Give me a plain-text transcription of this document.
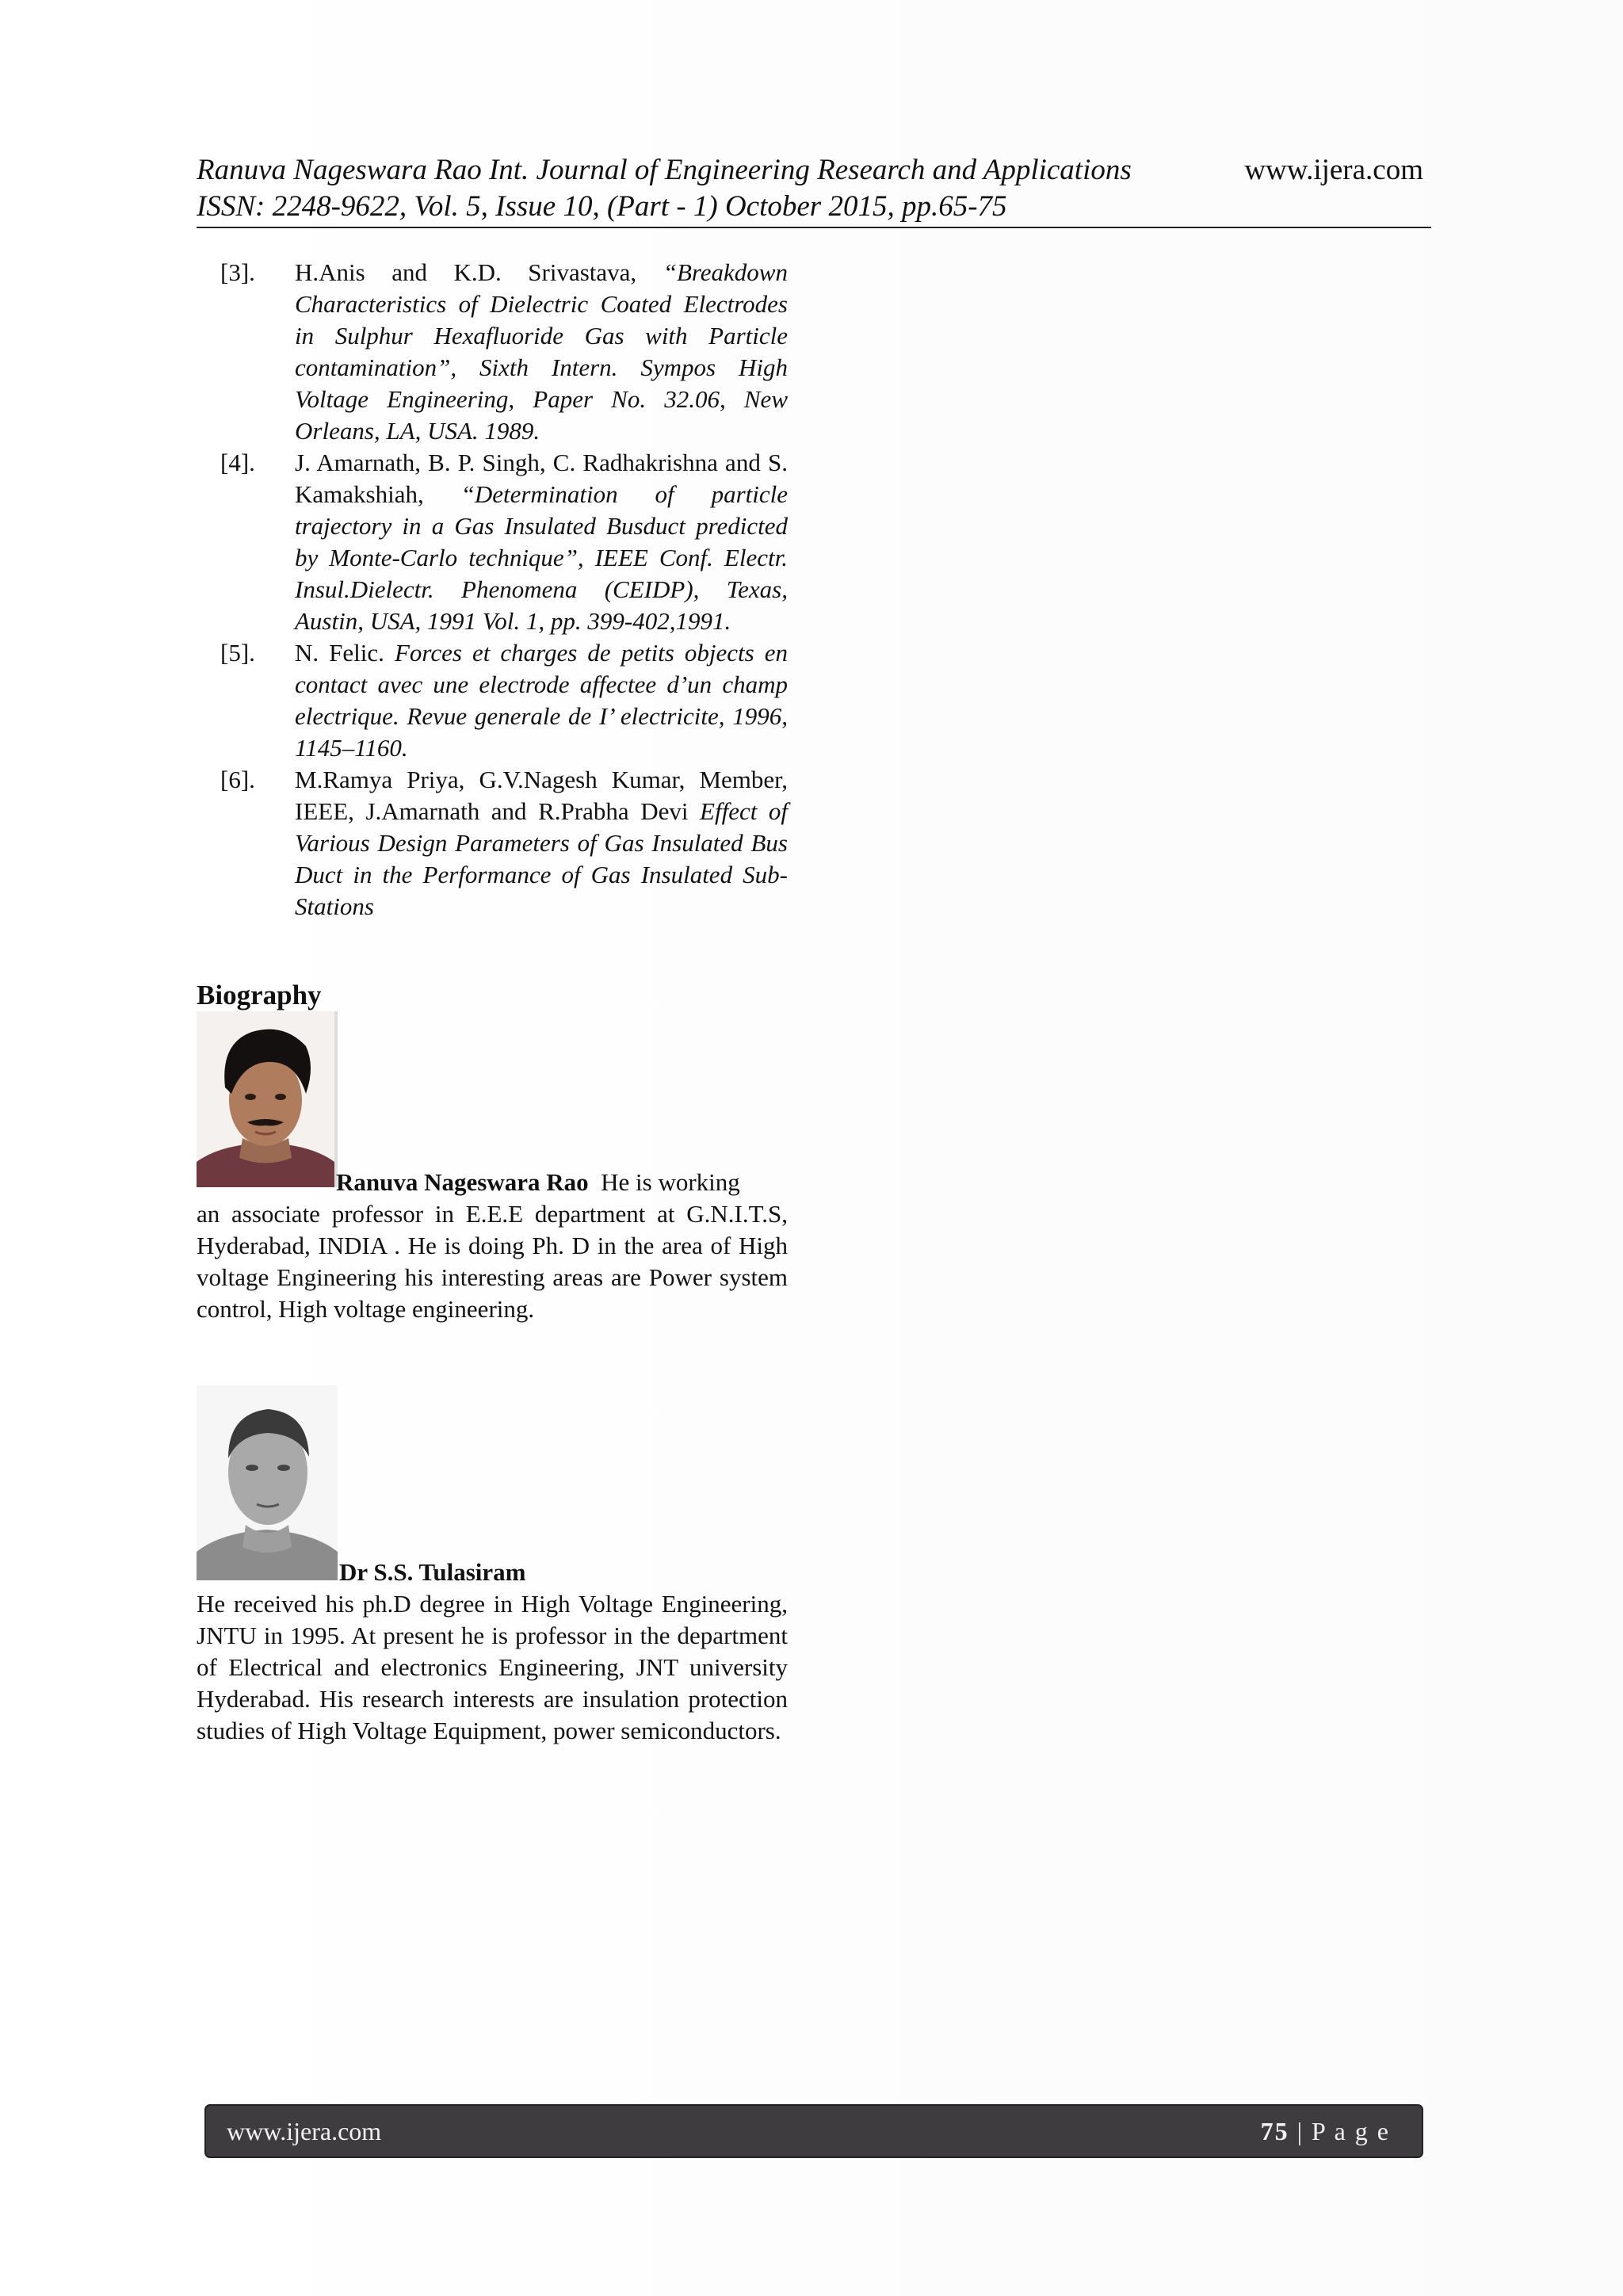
Ranuva Nageswara Rao Int. Journal of Engineering Research and Applications	www.ijera.com
ISSN: 2248-9622, Vol. 5, Issue 10, (Part - 1) October 2015, pp.65-75
[3].	H.Anis and K.D. Srivastava, “Breakdown Characteristics of Dielectric Coated Electrodes in Sulphur Hexafluoride Gas with Particle contamination”, Sixth Intern. Sympos High Voltage Engineering, Paper No. 32.06, New Orleans, LA, USA. 1989.
[4].	J. Amarnath, B. P. Singh, C. Radhakrishna and S. Kamakshiah, “Determination of particle trajectory in a Gas Insulated Busduct predicted by Monte-Carlo technique”, IEEE Conf. Electr. Insul.Dielectr. Phenomena (CEIDP), Texas, Austin, USA, 1991 Vol. 1, pp. 399-402,1991.
[5].	N. Felic. Forces et charges de petits objects en contact avec une electrode affectee d’un champ electrique. Revue generale de I’ electricite, 1996, 1145–1160.
[6].	M.Ramya Priya, G.V.Nagesh Kumar, Member, IEEE, J.Amarnath and R.Prabha Devi Effect of Various Design Parameters of Gas Insulated Bus Duct in the Performance of Gas Insulated Sub-Stations
Biography
Ranuva Nageswara Rao He is working
an associate professor in E.E.E department at G.N.I.T.S, Hyderabad, INDIA . He is doing Ph. D in the area of High voltage Engineering his interesting areas are Power system control, High voltage engineering.
Dr S.S. Tulasiram
He received his ph.D degree in High Voltage Engineering, JNTU in 1995. At present he is professor in the department of Electrical and electronics Engineering, JNT university Hyderabad. His research interests are insulation protection studies of High Voltage Equipment, power semiconductors.
www.ijera.com	75 | P a g e
